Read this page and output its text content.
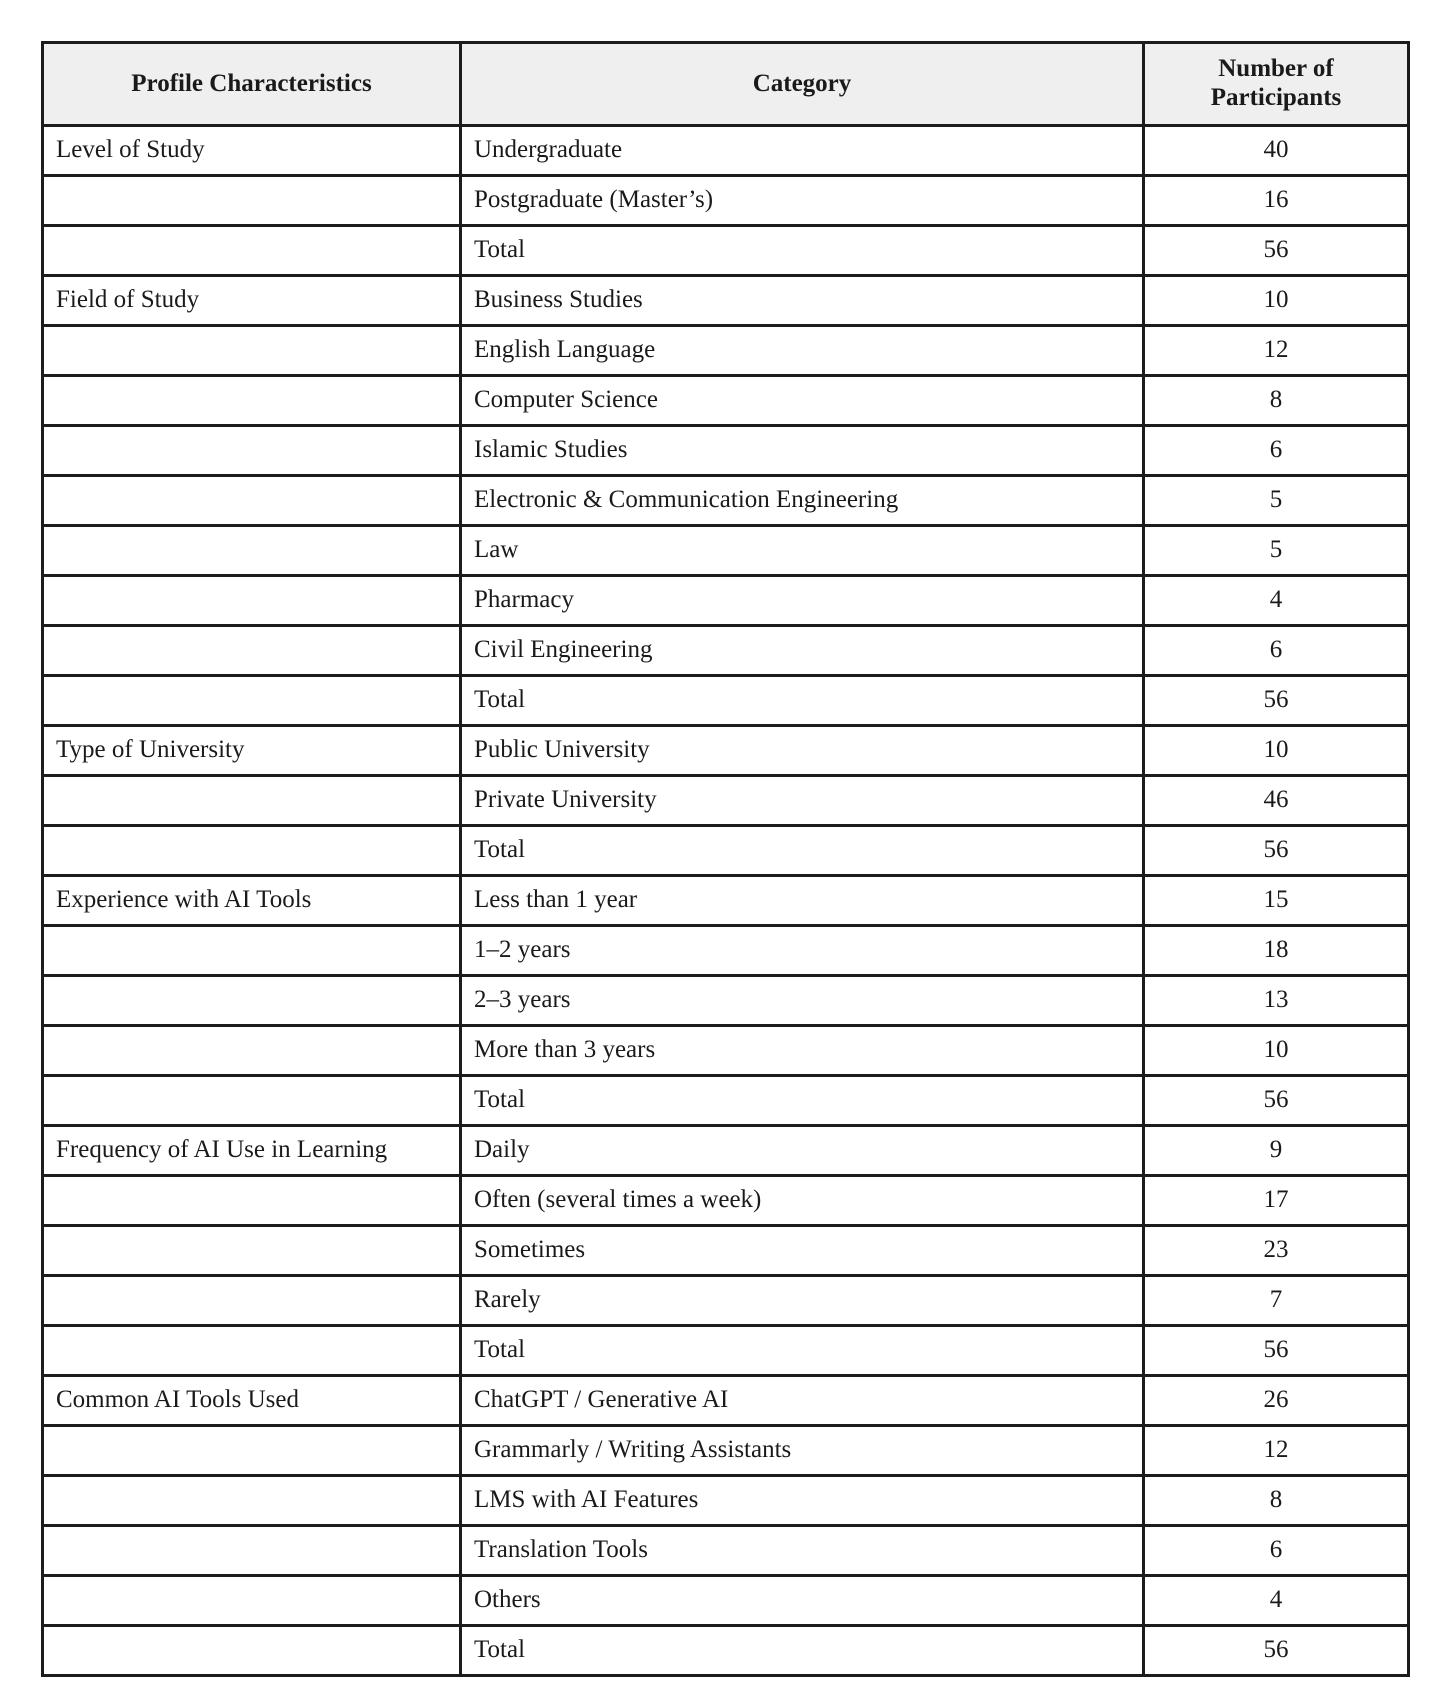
Profile Characteristics	Category	Number of Participants
Level of Study	Undergraduate	40
	Postgraduate (Master’s)	16
	Total	56
Field of Study	Business Studies	10
	English Language	12
	Computer Science	8
	Islamic Studies	6
	Electronic & Communication Engineering	5
	Law	5
	Pharmacy	4
	Civil Engineering	6
	Total	56
Type of University	Public University	10
	Private University	46
	Total	56
Experience with AI Tools	Less than 1 year	15
	1–2 years	18
	2–3 years	13
	More than 3 years	10
	Total	56
Frequency of AI Use in Learning	Daily	9
	Often (several times a week)	17
	Sometimes	23
	Rarely	7
	Total	56
Common AI Tools Used	ChatGPT / Generative AI	26
	Grammarly / Writing Assistants	12
	LMS with AI Features	8
	Translation Tools	6
	Others	4
	Total	56
